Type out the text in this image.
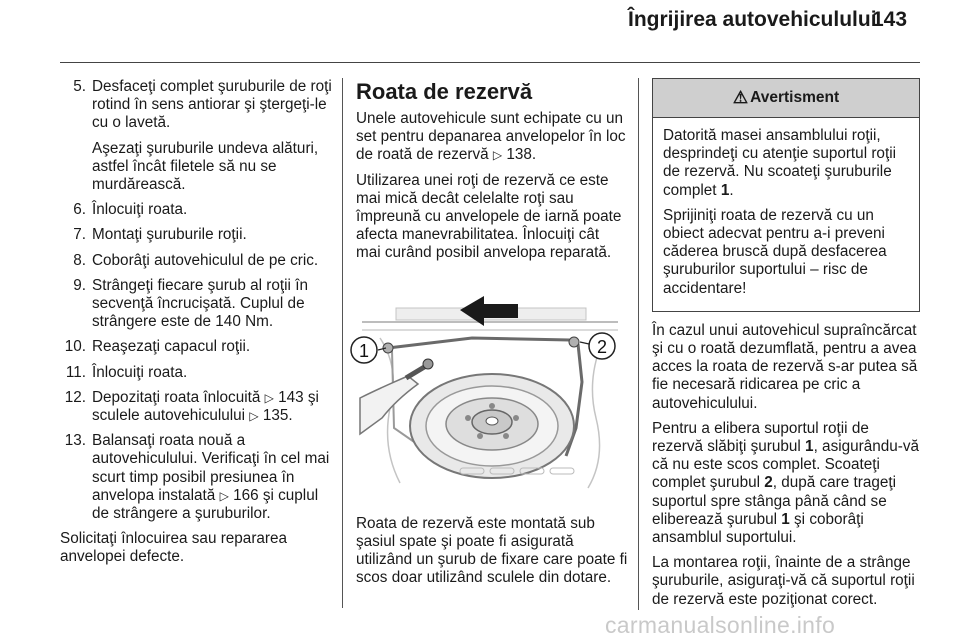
Îngrijirea autovehiculului
143
5. Desfaceţi complet şuruburile de roţi rotind în sens antiorar şi ştergeţi-le cu o lavetă.
Aşezaţi şuruburile undeva alături, astfel încât filetele să nu se murdărească.
6. Înlocuiţi roata.
7. Montaţi şuruburile roţii.
8. Coborâţi autovehiculul de pe cric.
9. Strângeţi fiecare şurub al roţii în secvenţă încrucişată. Cuplul de strângere este de 140 Nm.
10. Reaşezaţi capacul roţii.
11. Înlocuiţi roata.
12. Depozitaţi roata înlocuită ▷ 143 şi sculele autovehiculului ▷ 135.
13. Balansaţi roata nouă a autovehiculului. Verificaţi în cel mai scurt timp posibil presiunea în anvelopa instalată ▷ 166 şi cuplul de strângere a şuruburilor.
Solicitaţi înlocuirea sau repararea anvelopei defecte.
Roata de rezervă
Unele autovehicule sunt echipate cu un set pentru depanarea anvelopelor în loc de roată de rezervă ▷ 138.
Utilizarea unei roţi de rezervă ce este mai mică decât celelalte roţi sau împreună cu anvelopele de iarnă poate afecta manevrabilitatea. Înlocuiţi cât mai curând posibil anvelopa reparată.
1	2
Roata de rezervă este montată sub şasiul spate şi poate fi asigurată utilizând un şurub de fixare care poate fi scos doar utilizând sculele din dotare.
⚠ Avertisment
Datorită masei ansamblului roţii, desprindeţi cu atenţie suportul roţii de rezervă. Nu scoateţi şuruburile complet 1.
Sprijiniţi roata de rezervă cu un obiect adecvat pentru a-i preveni căderea bruscă după desfacerea şuruburilor suportului – risc de accidentare!
În cazul unui autovehicul supraîncărcat şi cu o roată dezumflată, pentru a avea acces la roata de rezervă s-ar putea să fie necesară ridicarea pe cric a autovehiculului.
Pentru a elibera suportul roţii de rezervă slăbiţi şurubul 1, asigurându-vă că nu este scos complet. Scoateţi complet şurubul 2, după care trageţi suportul spre stânga până când se eliberează şurubul 1 şi coborâţi ansamblul suportului.
La montarea roţii, înainte de a strânge şuruburile, asiguraţi-vă că suportul roţii de rezervă este poziţionat corect.
carmanualsonline.info
